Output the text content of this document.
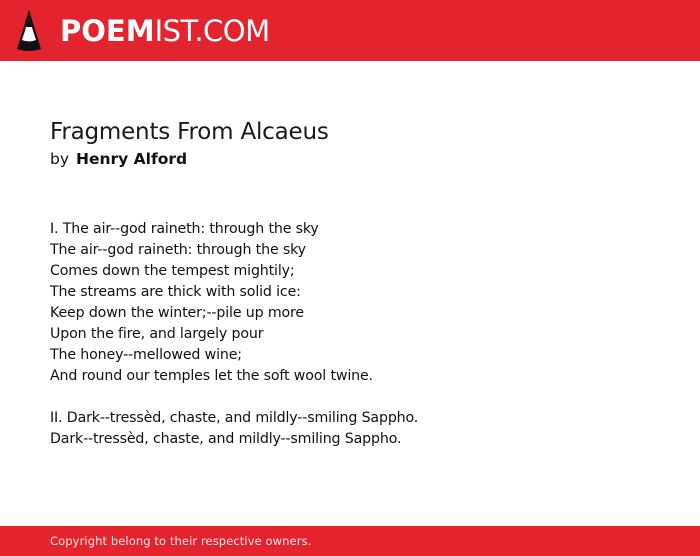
POEMIST.COM
Fragments From Alcaeus
by Henry Alford
I. The air--god raineth: through the sky
The air--god raineth: through the sky
Comes down the tempest mightily;
The streams are thick with solid ice:
Keep down the winter;--pile up more
Upon the fire, and largely pour
The honey--mellowed wine;
And round our temples let the soft wool twine.
II. Dark--tressèd, chaste, and mildly--smiling Sappho.
Dark--tressèd, chaste, and mildly--smiling Sappho.
Copyright belong to their respective owners.
